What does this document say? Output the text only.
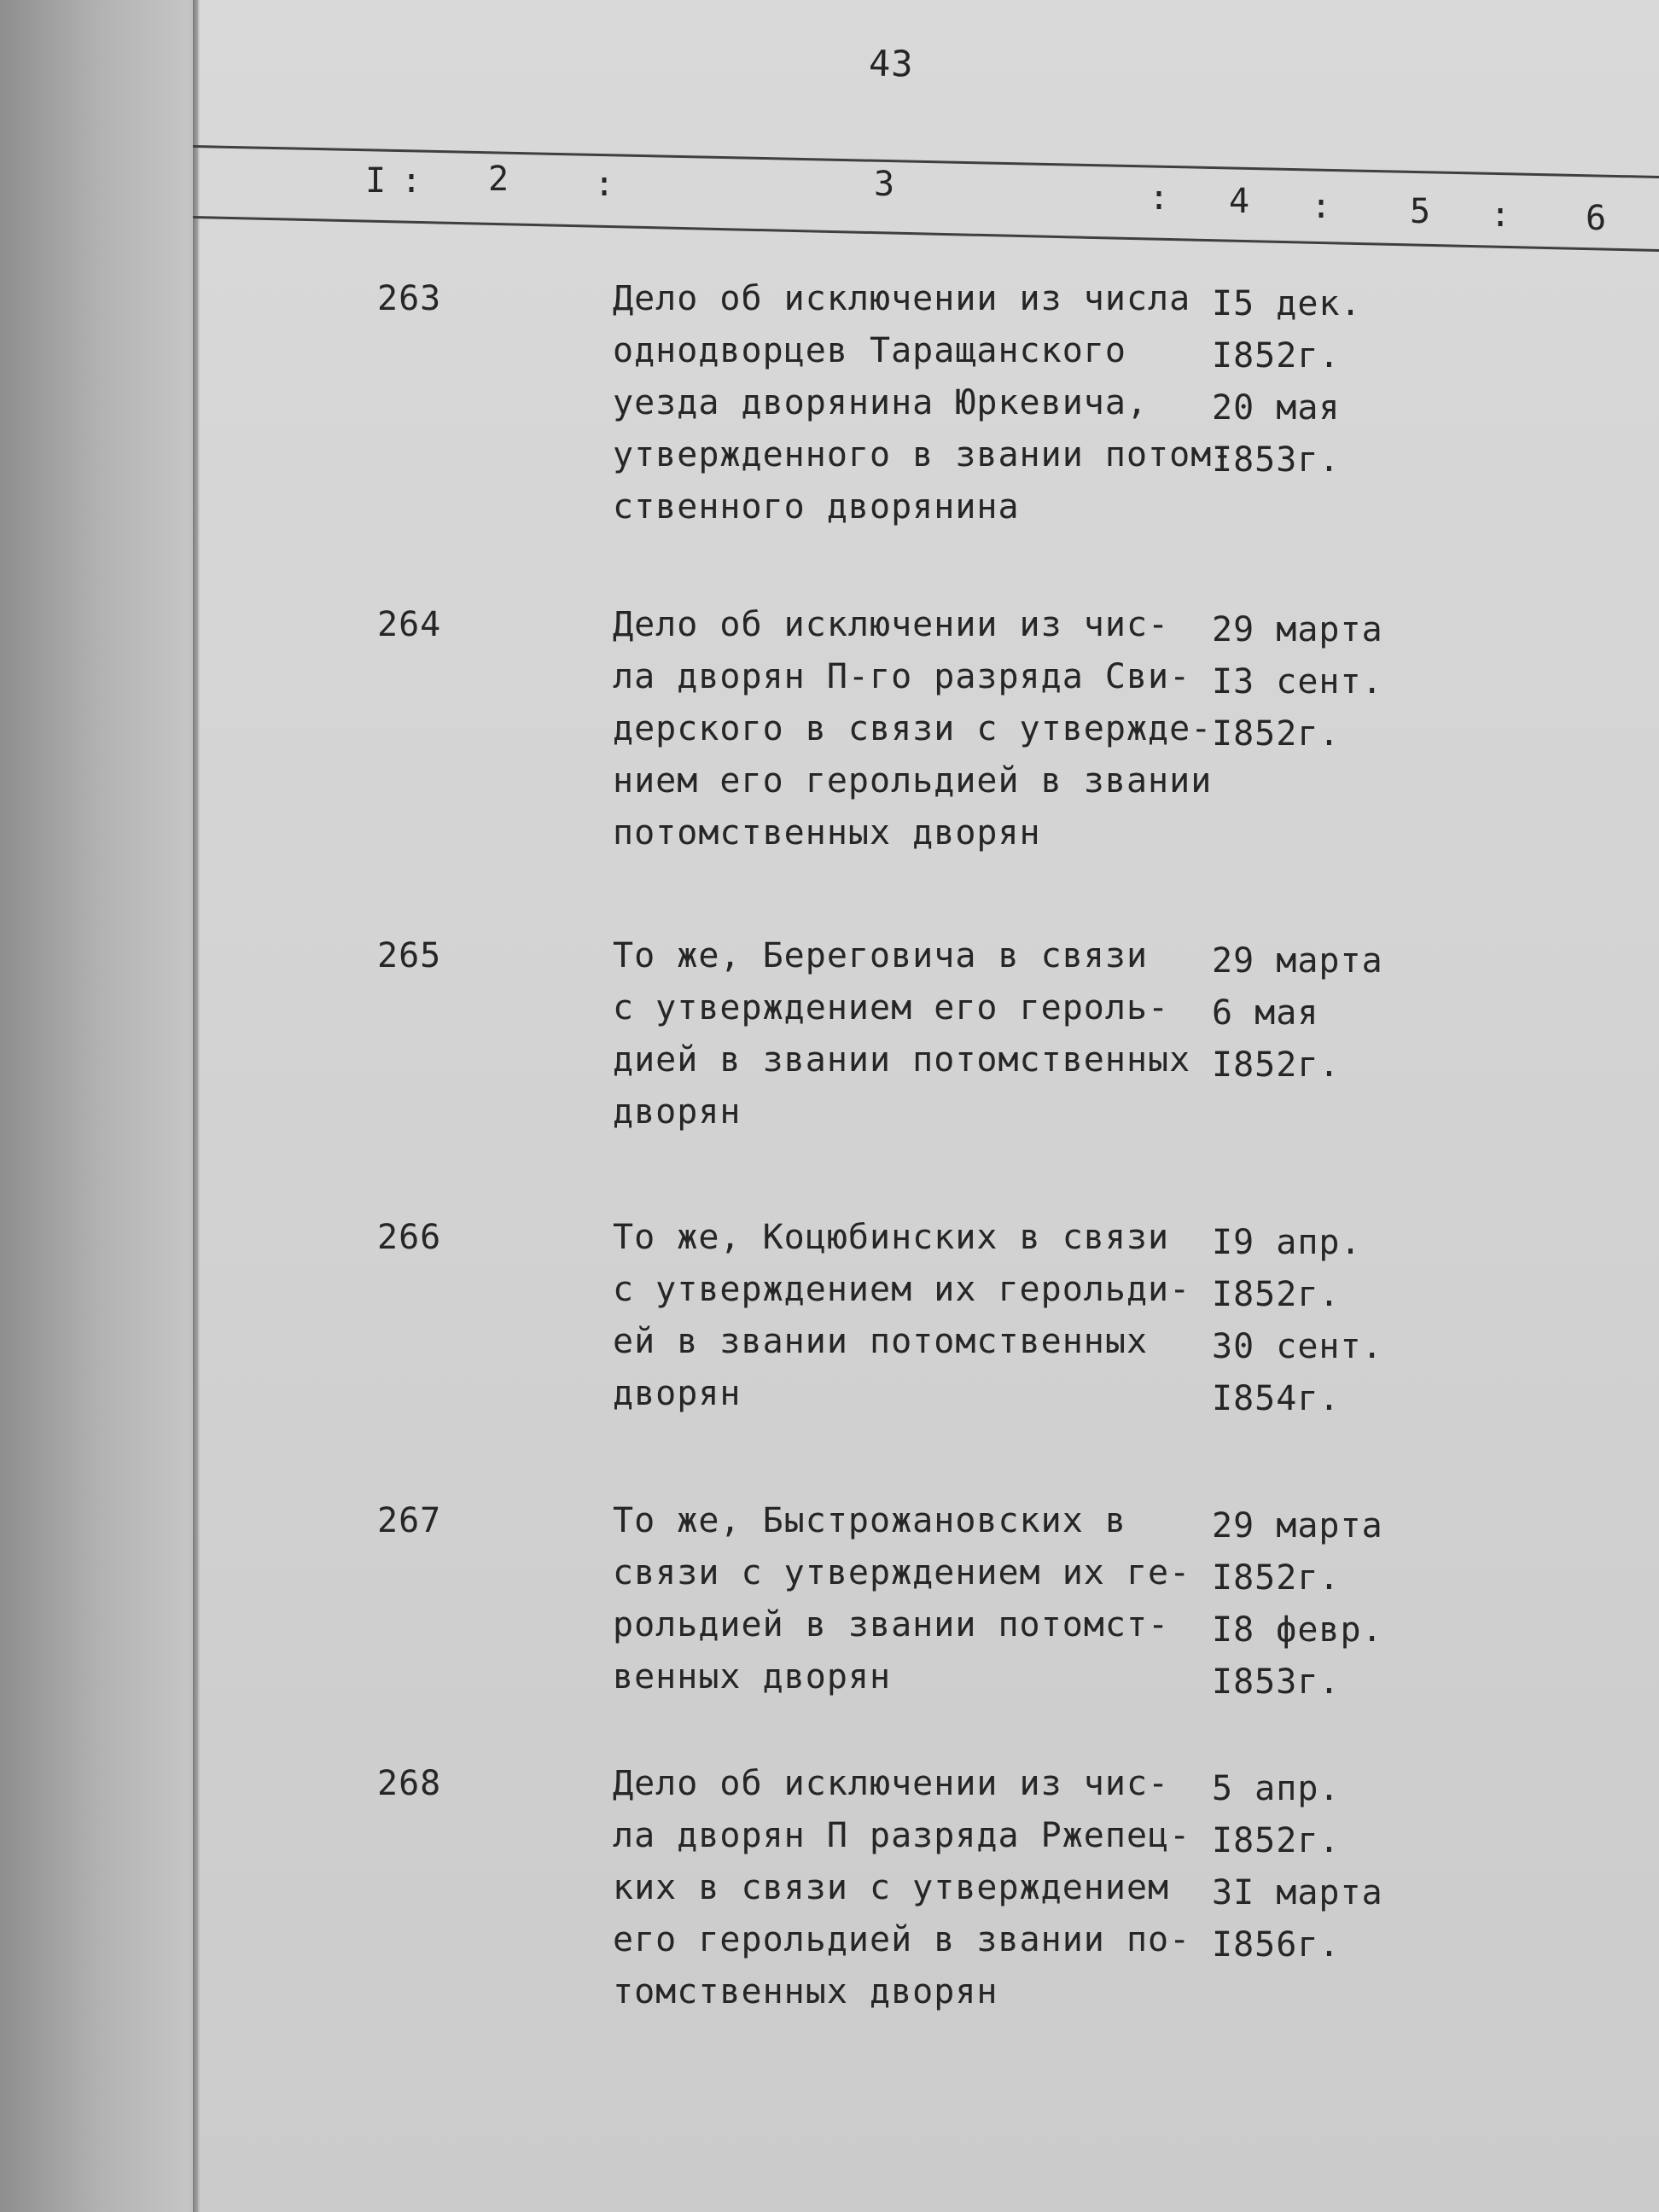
43
I : 2 :	3	: 4 : 5 : 6
263	Дело об исключении из числа
однодворцев Таращанского
уезда дворянина Юркевича,
утвержденного в звании потом-
ственного дворянина
I5 дек.
I852г.
20 мая
I853г.
264	Дело об исключении из чис-
ла дворян П-го разряда Сви-
дерского в связи с утвержде-
нием его герольдией в звании
потомственных дворян
29 марта
I3 сент.
I852г.
265	То же, Береговича в связи
с утверждением его героль-
дией в звании потомственных
дворян
29 марта
6 мая
I852г.
266	То же, Коцюбинских в связи
с утверждением их герольди-
ей в звании потомственных
дворян
I9 апр.
I852г.
30 сент.
I854г.
267	То же, Быстрожановских в
связи с утверждением их ге-
рольдией в звании потомст-
венных дворян
29 марта
I852г.
I8 февр.
I853г.
268	Дело об исключении из чис-
ла дворян П разряда Ржепец-
ких в связи с утверждением
его герольдией в звании по-
томственных дворян
5 апр.
I852г.
3I марта
I856г.
